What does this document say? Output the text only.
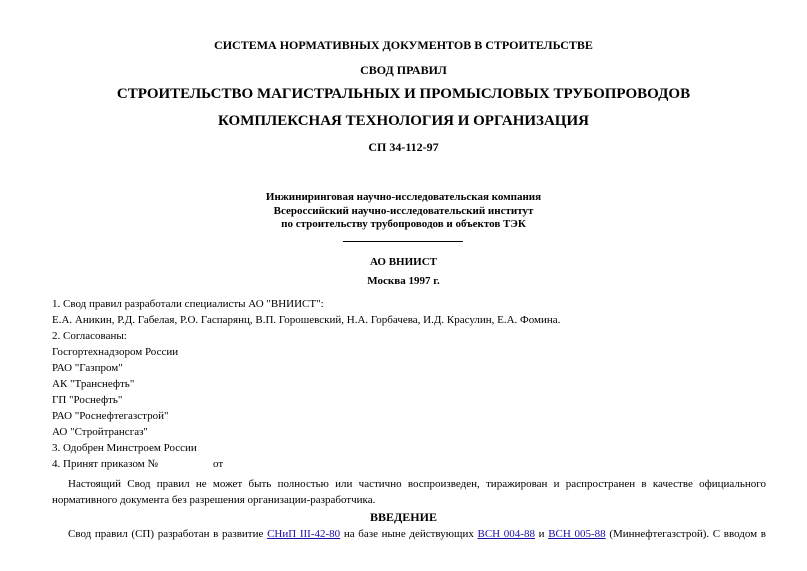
СИСТЕМА НОРМАТИВНЫХ ДОКУМЕНТОВ В СТРОИТЕЛЬСТВЕ
СВОД ПРАВИЛ
СТРОИТЕЛЬСТВО МАГИСТРАЛЬНЫХ И ПРОМЫСЛОВЫХ ТРУБОПРОВОДОВ
КОМПЛЕКСНАЯ ТЕХНОЛОГИЯ И ОРГАНИЗАЦИЯ
СП 34-112-97
Инжиниринговая научно-исследовательская компания
Всероссийский научно-исследовательский институт
по строительству трубопроводов и объектов ТЭК
АО ВНИИСТ
Москва 1997 г.
1. Свод правил разработали специалисты АО "ВНИИСТ":
Е.А. Аникин, Р.Д. Габелая, Р.О. Гаспарянц, В.П. Горошевский, Н.А. Горбачева, И.Д. Красулин, Е.А. Фомина.
2. Согласованы:
Госгортехнадзором России
РАО "Газпром"
АК "Транснефть"
ГП "Роснефть"
РАО "Роснефтегазстрой"
АО "Стройтрансгаз"
3. Одобрен Минстроем России
4. Принят приказом №	от
Настоящий Свод правил не может быть полностью или частично воспроизведен, тиражирован и распространен в качестве официального
нормативного документа без разрешения организации-разработчика.
ВВЕДЕНИЕ
Свод правил (СП) разработан в развитие СНиП III-42-80 на базе ныне действующих ВСН 004-88 и ВСН 005-88 (Миннефтегазстрой). С вводом в
